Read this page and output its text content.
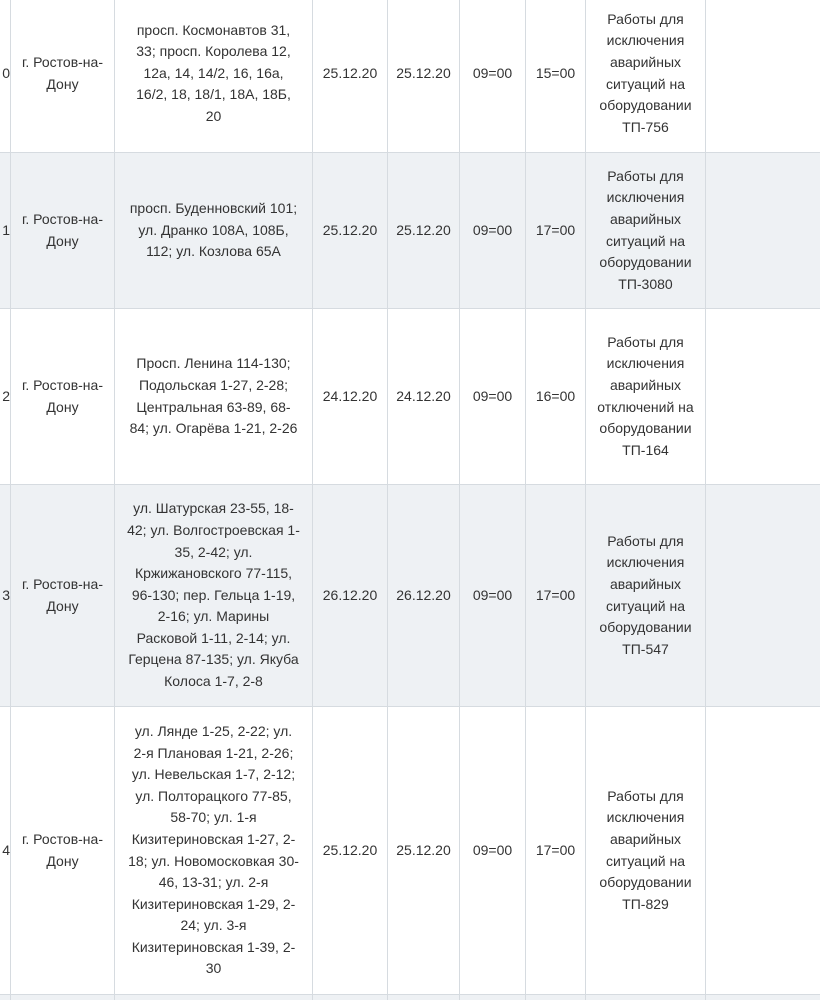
0	г. Ростов-на-Дону	просп. Космонавтов 31, 33; просп. Королева 12, 12а, 14, 14/2, 16, 16а, 16/2, 18, 18/1, 18А, 18Б, 20	25.12.20	25.12.20	09=00	15=00	Работы для исключения аварийных ситуаций на оборудовании ТП-756	
1	г. Ростов-на-Дону	просп. Буденновский 101; ул. Дранко 108А, 108Б, 112; ул. Козлова 65А	25.12.20	25.12.20	09=00	17=00	Работы для исключения аварийных ситуаций на оборудовании ТП-3080	
2	г. Ростов-на-Дону	Просп. Ленина 114-130; Подольская 1-27, 2-28; Центральная 63-89, 68-84; ул. Огарёва 1-21, 2-26	24.12.20	24.12.20	09=00	16=00	Работы для исключения аварийных отключений на оборудовании ТП-164	
3	г. Ростов-на-Дону	ул. Шатурская 23-55, 18-42; ул. Волгостроевская 1-35, 2-42; ул. Кржижановского 77-115, 96-130; пер. Гельца 1-19, 2-16; ул. Марины Расковой 1-11, 2-14; ул. Герцена 87-135; ул. Якуба Колоса 1-7, 2-8	26.12.20	26.12.20	09=00	17=00	Работы для исключения аварийных ситуаций на оборудовании ТП-547	
4	г. Ростов-на-Дону	ул. Лянде 1-25, 2-22; ул. 2-я Плановая 1-21, 2-26; ул. Невельская 1-7, 2-12; ул. Полторацкого 77-85, 58-70; ул. 1-я Кизитериновская 1-27, 2-18; ул. Новомосковкая 30-46, 13-31; ул. 2-я Кизитериновская 1-29, 2-24; ул. 3-я Кизитериновская 1-39, 2-30	25.12.20	25.12.20	09=00	17=00	Работы для исключения аварийных ситуаций на оборудовании ТП-829	
